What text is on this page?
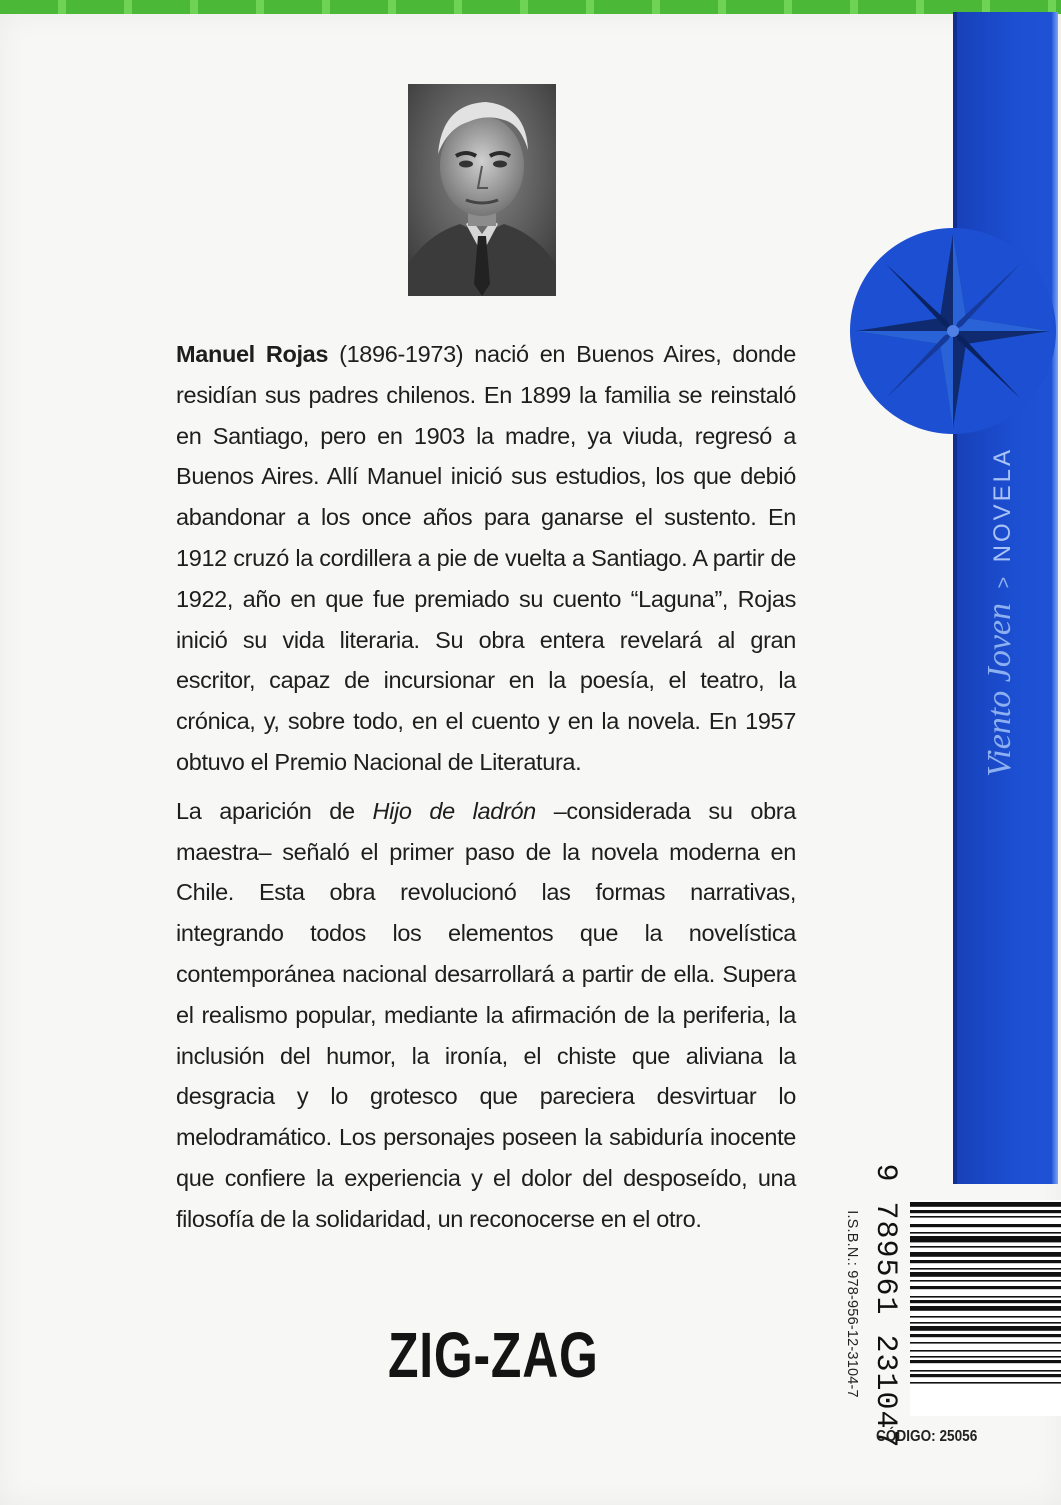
Viento Joven > NOVELA

Manuel Rojas (1896-1973) nació en Buenos Aires, donde residían sus padres chilenos. En 1899 la familia se reinstaló en Santiago, pero en 1903 la madre, ya viuda, regresó a Buenos Aires. Allí Manuel inició sus estudios, los que debió abandonar a los once años para ganarse el sustento. En 1912 cruzó la cordillera a pie de vuelta a Santiago. A partir de 1922, año en que fue premiado su cuento “Laguna”, Rojas inició su vida literaria. Su obra entera revelará al gran escritor, capaz de incursionar en la poesía, el teatro, la crónica, y, sobre todo, en el cuento y en la novela. En 1957 obtuvo el Premio Nacional de Literatura.

La aparición de Hijo de ladrón –considerada su obra maestra– señaló el primer paso de la novela moderna en Chile. Esta obra revolucionó las formas narrativas, integrando todos los elementos que la novelística contemporánea nacional desarrollará a partir de ella. Supera el realismo popular, mediante la afirmación de la periferia, la inclusión del humor, la ironía, el chiste que aliviana la desgracia y lo grotesco que pareciera desvirtuar lo melodramático. Los personajes poseen la sabiduría inocente que confiere la experiencia y el dolor del desposeído, una filosofía de la solidaridad, un reconocerse en el otro.

ZIG-ZAG	9 789561 231047
I.S.B.N.: 978-956-12-3104-7
CÓDIGO: 25056
